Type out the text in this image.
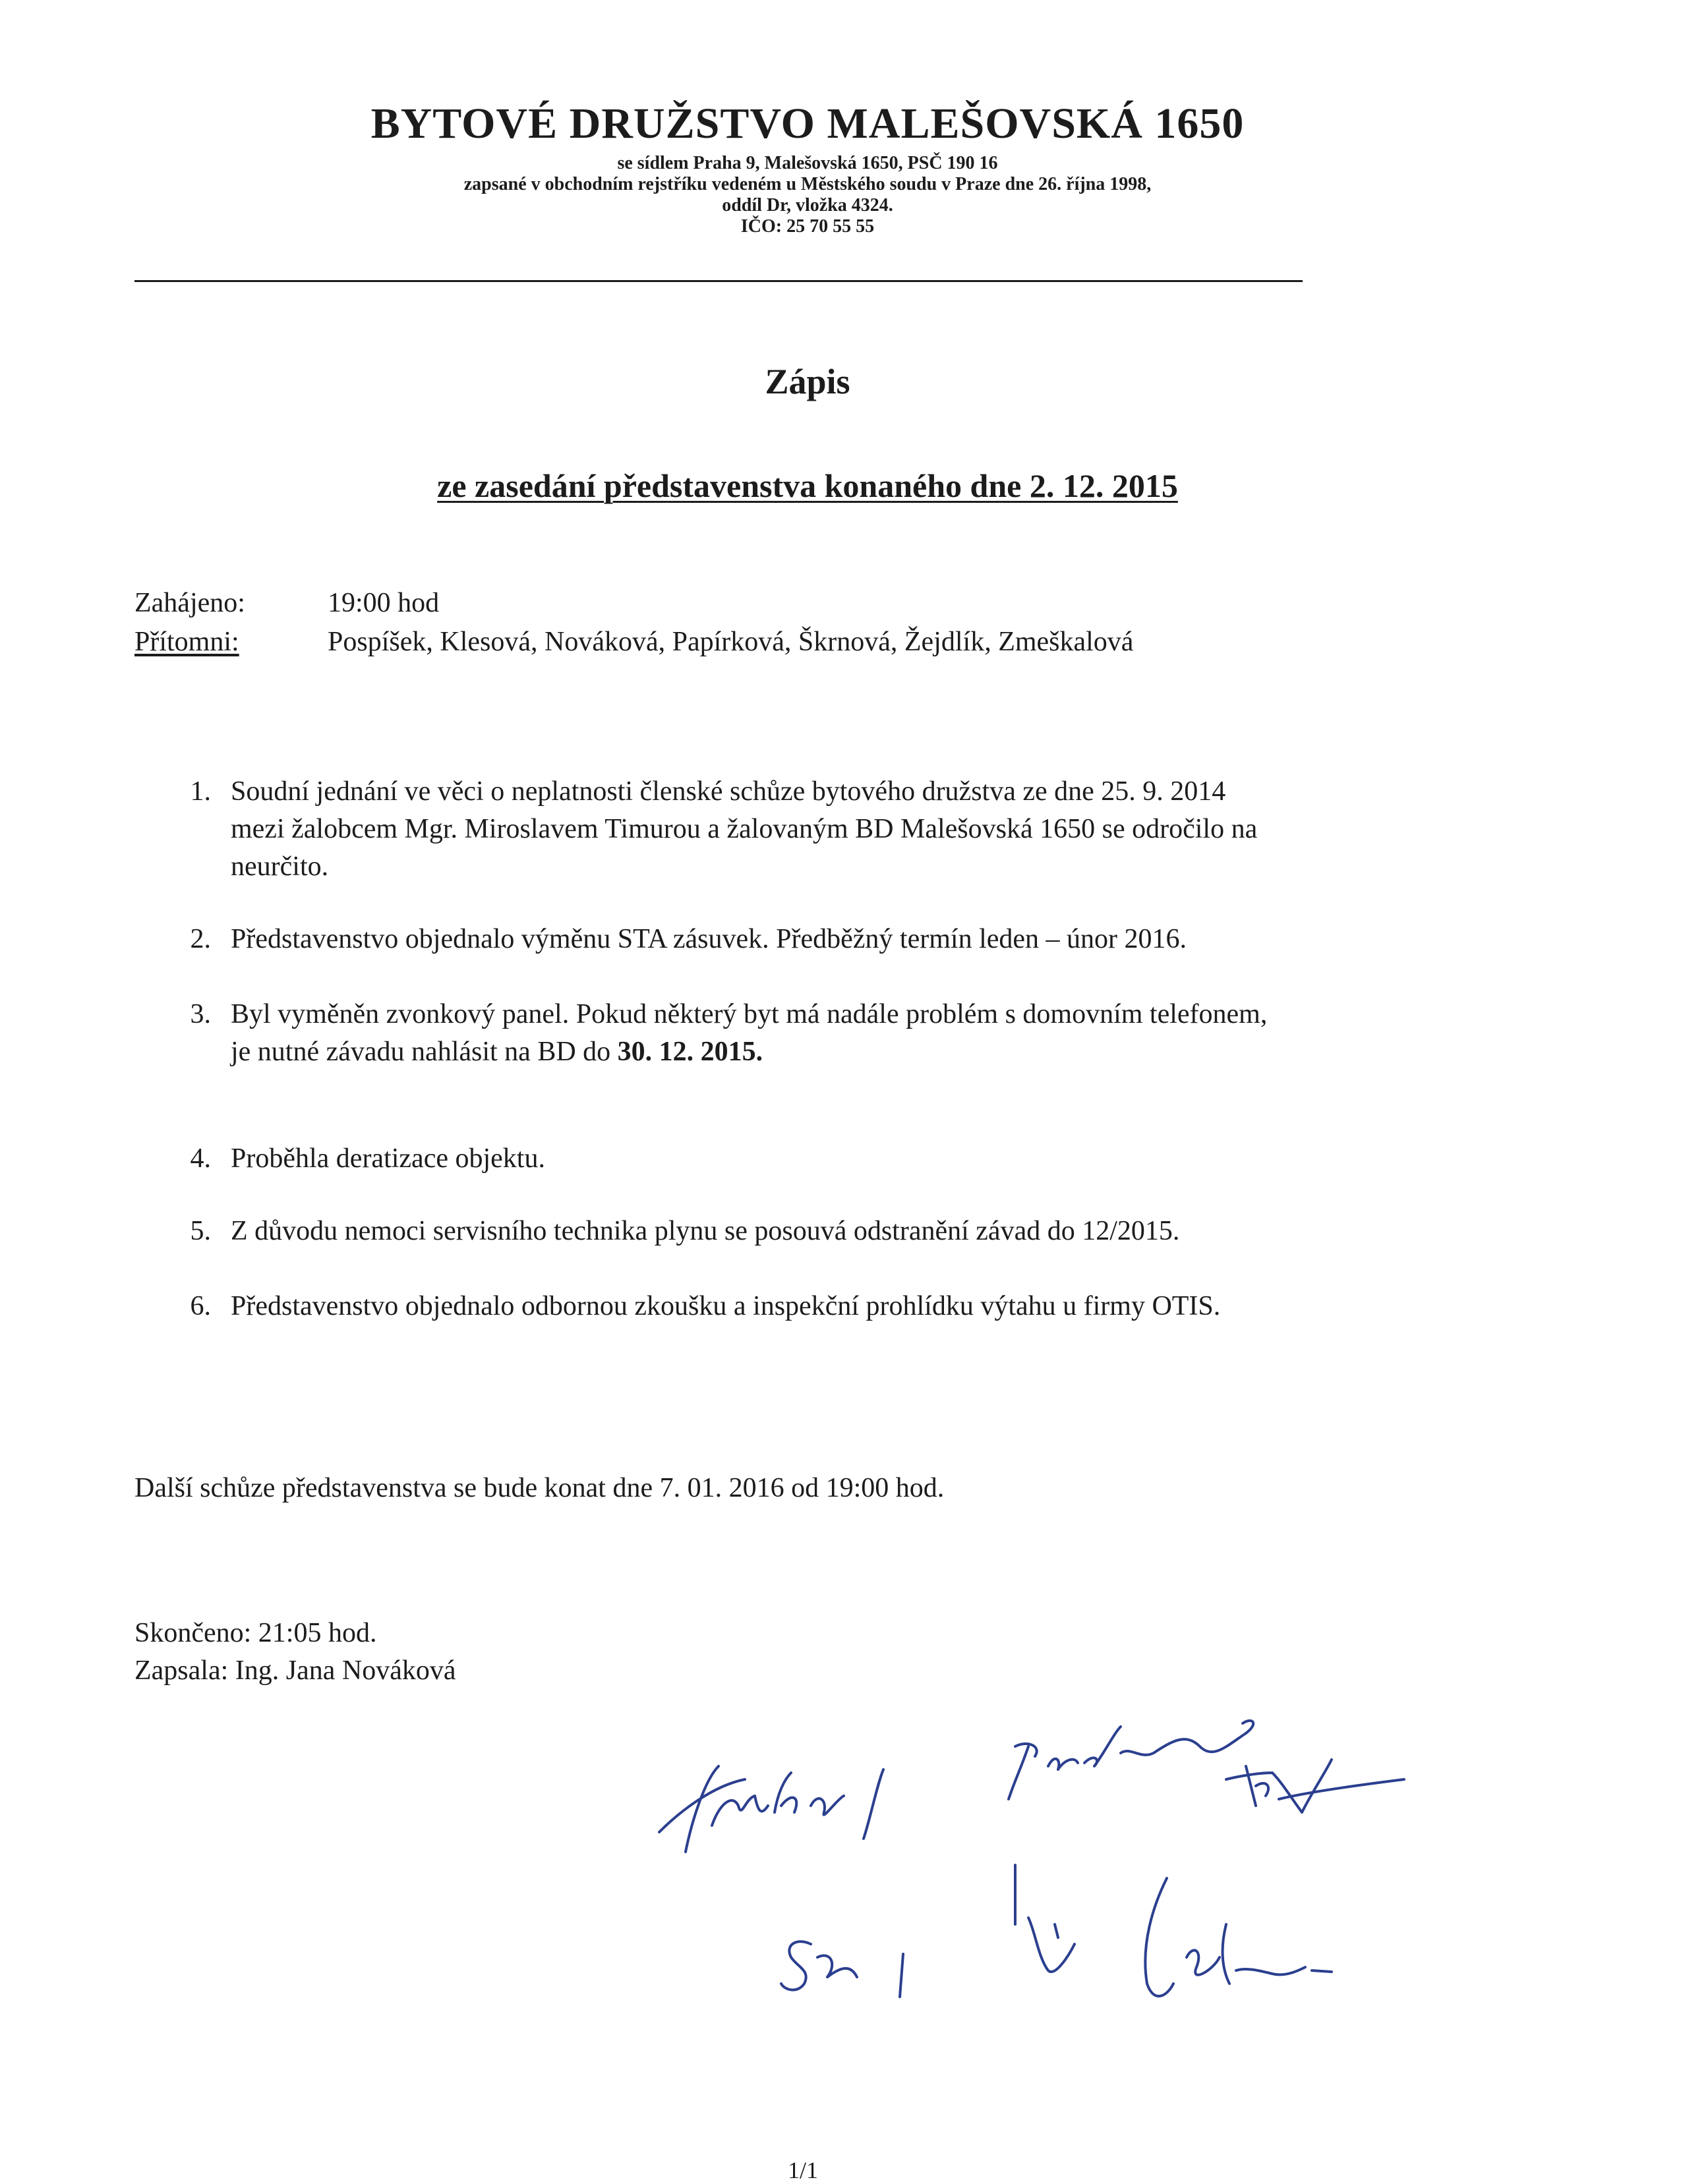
BYTOVÉ DRUŽSTVO MALEŠOVSKÁ 1650
se sídlem Praha 9, Malešovská 1650, PSČ 190 16
zapsané v obchodním rejstříku vedeném u Městského soudu v Praze dne 26. října 1998,
oddíl Dr, vložka 4324.
IČO: 25 70 55 55
Zápis
ze zasedání představenstva konaného dne 2. 12. 2015
Zahájeno:	19:00 hod
Přítomni:	Pospíšek, Klesová, Nováková, Papírková, Škrnová, Žejdlík, Zmeškalová
1. Soudní jednání ve věci o neplatnosti členské schůze bytového družstva ze dne 25. 9. 2014
mezi žalobcem Mgr. Miroslavem Timurou a žalovaným BD Malešovská 1650 se odročilo na
neurčito.
2. Představenstvo objednalo výměnu STA zásuvek. Předběžný termín leden – únor 2016.
3. Byl vyměněn zvonkový panel. Pokud některý byt má nadále problém s domovním telefonem,
je nutné závadu nahlásit na BD do 30. 12. 2015.
4. Proběhla deratizace objektu.
5. Z důvodu nemoci servisního technika plynu se posouvá odstranění závad do 12/2015.
6. Představenstvo objednalo odbornou zkoušku a inspekční prohlídku výtahu u firmy OTIS.
Další schůze představenstva se bude konat dne 7. 01. 2016 od 19:00 hod.
Skončeno: 21:05 hod.
Zapsala: Ing. Jana Nováková
1/1
